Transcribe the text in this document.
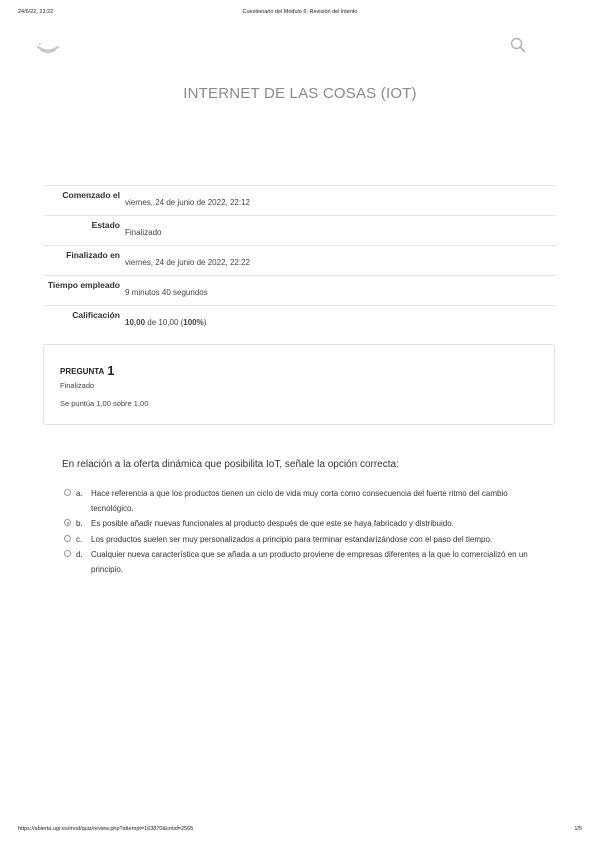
24/6/22, 22:22	Cuestionario del Módulo 6: Revisión del intento
INTERNET DE LAS COSAS (IOT)
Comenzado el	viernes, 24 de junio de 2022, 22:12
Estado	Finalizado
Finalizado en	viernes, 24 de junio de 2022, 22:22
Tiempo empleado	9 minutos 40 segundos
Calificación	10,00 de 10,00 (100%)
PREGUNTA 1
Finalizado
Se puntúa 1,00 sobre 1,00
En relación a la oferta dinámica que posibilita IoT, señale la opción correcta:
a. Hace referencia a que los productos tienen un ciclo de vida muy corta como consecuencia del fuerte ritmo del cambio tecnológico.
b. Es posible añadir nuevas funcionales al producto después de que este se haya fabricado y distribuido.
c. Los productos suelen ser muy personalizados a principio para terminar estandarizándose con el paso del tiempo.
d. Cualquier nueva característica que se añada a un producto proviene de empresas diferentes a la que lo comercializó en un principio.
https://abierta.ugr.es/mod/quiz/review.php?attempt=163870&cmid=2565	1/5
